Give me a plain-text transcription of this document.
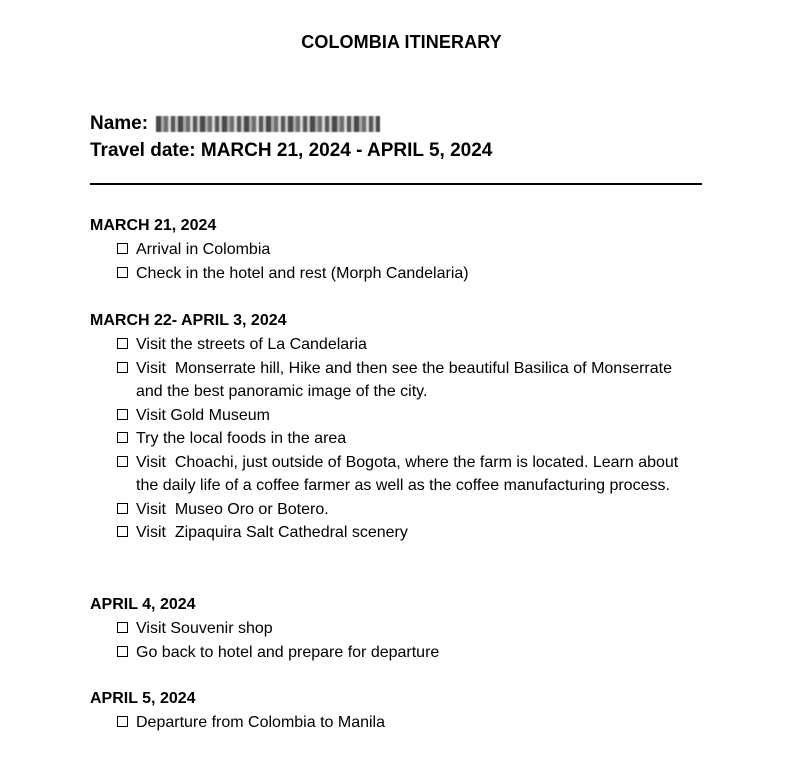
COLOMBIA ITINERARY
Name:
Travel date: MARCH 21, 2024 - APRIL 5, 2024
MARCH 21, 2024
Arrival in Colombia
Check in the hotel and rest (Morph Candelaria)
MARCH 22- APRIL 3, 2024
Visit the streets of La Candelaria
Visit  Monserrate hill, Hike and then see the beautiful Basilica of Monserrate and the best panoramic image of the city.
Visit Gold Museum
Try the local foods in the area
Visit  Choachi, just outside of Bogota, where the farm is located. Learn about the daily life of a coffee farmer as well as the coffee manufacturing process.
Visit  Museo Oro or Botero.
Visit  Zipaquira Salt Cathedral scenery
APRIL 4, 2024
Visit Souvenir shop
Go back to hotel and prepare for departure
APRIL 5, 2024
Departure from Colombia to Manila
